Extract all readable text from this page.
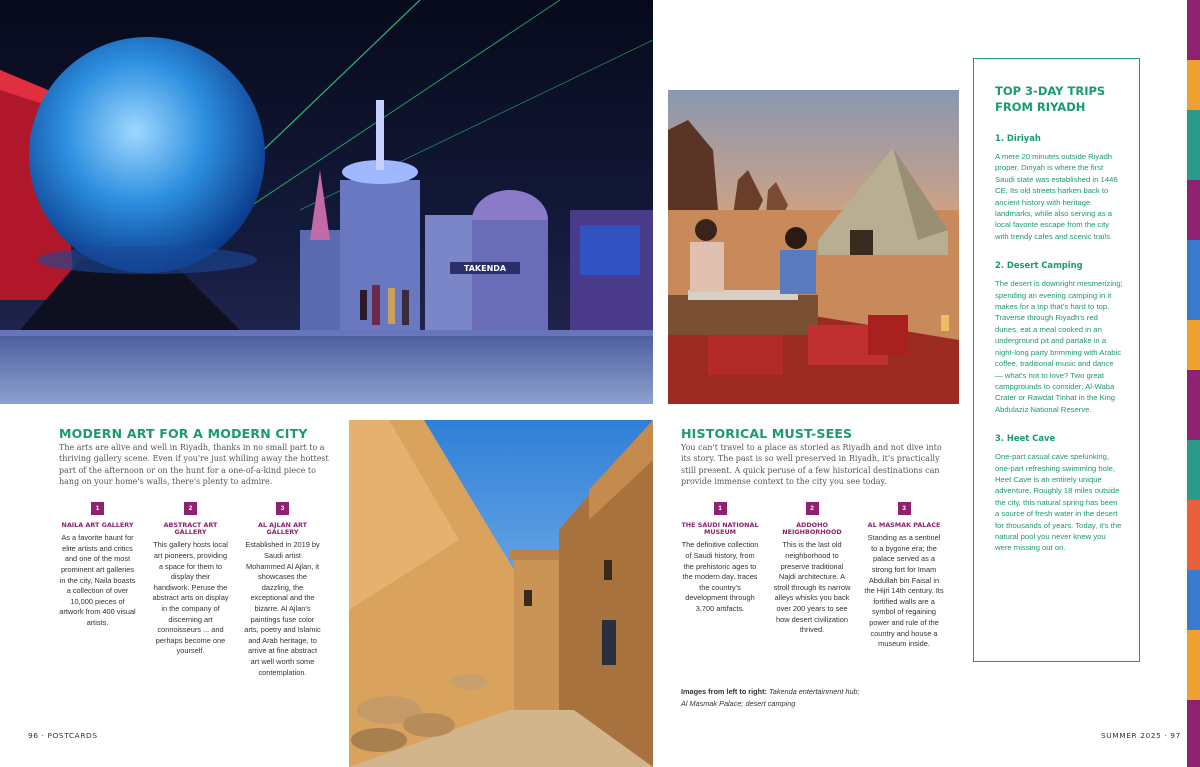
TAKENDA
MODERN ART FOR A MODERN CITY

The arts are alive and well in Riyadh, thanks in no small part to a thriving gallery scene. Even if you're just whiling away the hottest part of the afternoon or on the hunt for a one-of-a-kind piece to hang on your home's walls, there's plenty to admire.

1
NAILA ART GALLERY
As a favorite haunt for elite artists and critics and one of the most prominent art galleries in the city, Naila boasts a collection of over 10,000 pieces of artwork from 400 visual artists.
2
ABSTRACT ART GALLERY
This gallery hosts local art pioneers, providing a space for them to display their handiwork. Peruse the abstract arts on display in the company of discerning art connoisseurs ... and perhaps become one yourself.
3
AL AJLAN ART GALLERY
Established in 2019 by Saudi artist Mohammed Al Ajlan, it showcases the dazzling, the exceptional and the bizarre. Al Ajlan's paintings fuse color arts, poetry and Islamic and Arab heritage, to arrive at fine abstract art well worth some contemplation.
96 · POSTCARDS
HISTORICAL MUST-SEES

You can't travel to a place as storied as Riyadh and not dive into its story. The past is so well preserved in Riyadh, it's practically still present. A quick peruse of a few historical destinations can provide immense context to the city you see today.

1
THE SAUDI NATIONAL MUSEUM
The definitive collection of Saudi history, from the prehistoric ages to the modern day, traces the country's development through 3,700 artifacts.
2
ADDOHO NEIGHBORHOOD
This is the last old neighborhood to preserve traditional Najdi architecture. A stroll through its narrow alleys whisks you back over 200 years to see how desert civilization thrived.
3
AL MASMAK PALACE
Standing as a sentinel to a bygone era; the palace served as a strong fort for Imam Abdullah bin Faisal in the Hijri 14th century. Its fortified walls are a symbol of regaining power and rule of the country and house a museum inside.
Images from left to right: Takenda entertainment hub;
Al Masmak Palace; desert camping
SUMMER 2025 · 97
TOP 3-DAY TRIPS FROM RIYADH
1. Diriyah
A mere 20 minutes outside Riyadh proper, Diriyah is where the first Saudi state was established in 1446 CE. Its old streets harken back to ancient history with heritage landmarks, while also serving as a local favorite escape from the city with trendy cafes and scenic trails.
2. Desert Camping
The desert is downright mesmerizing; spending an evening camping in it makes for a trip that's hard to top. Traverse through Riyadh's red dunes, eat a meal cooked in an underground pit and partake in a night-long party brimming with Arabic coffee, traditional music and dance — what's not to love? Two great campgrounds to consider: Al-Waba Crater or Rawdat Tinhat in the King Abdulaziz National Reserve.
3. Heet Cave
One-part casual cave spelunking, one-part refreshing swimming hole, Heet Cave is an entirely unique adventure. Roughly 18 miles outside the city, this natural spring has been a source of fresh water in the desert for thousands of years. Today, it's the natural pool you never knew you were missing out on.
